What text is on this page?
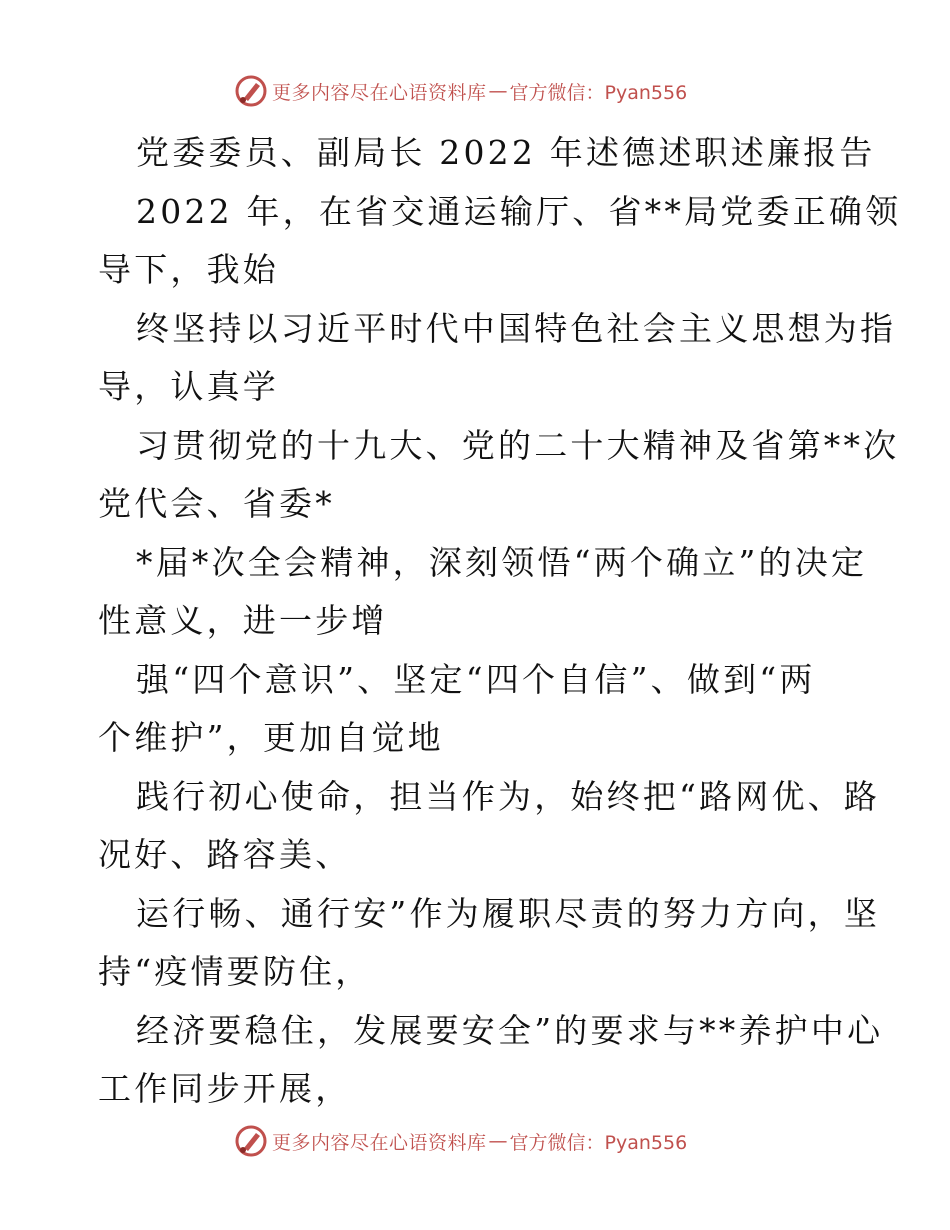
更多内容尽在心语资料库 — 官方微信：Pyan556
党委委员、副局长 2022 年述德述职述廉报告
2022 年，在省交通运输厅、省**局党委正确领
导下，我始
终坚持以习近平时代中国特色社会主义思想为指
导，认真学
习贯彻党的十九大、党的二十大精神及省第**次
党代会、省委*
*届*次全会精神，深刻领悟“两个确立”的决定
性意义，进一步增
强“四个意识”、坚定“四个自信”、做到“两
个维护”，更加自觉地
践行初心使命，担当作为，始终把“路网优、路
况好、路容美、
运行畅、通行安”作为履职尽责的努力方向，坚
持“疫情要防住，
经济要稳住，发展要安全”的要求与**养护中心
工作同步开展，
更多内容尽在心语资料库 — 官方微信：Pyan556
